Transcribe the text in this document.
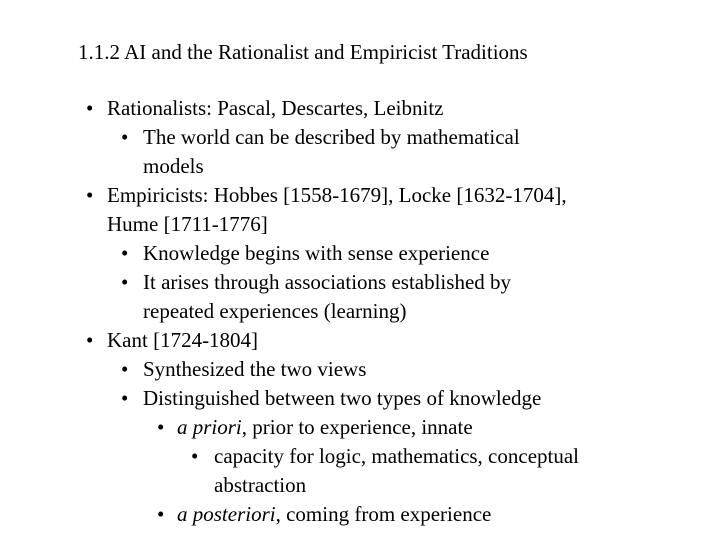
1.1.2 AI and the Rationalist and Empiricist Traditions
• Rationalists: Pascal, Descartes, Leibnitz
• The world can be described by mathematical
models
• Empiricists: Hobbes [1558-1679], Locke [1632-1704],
Hume [1711-1776]
• Knowledge begins with sense experience
• It arises through associations established by
repeated experiences (learning)
• Kant [1724-1804]
• Synthesized the two views
• Distinguished between two types of knowledge
• a priori, prior to experience, innate
• capacity for logic, mathematics, conceptual
abstraction
• a posteriori, coming from experience
